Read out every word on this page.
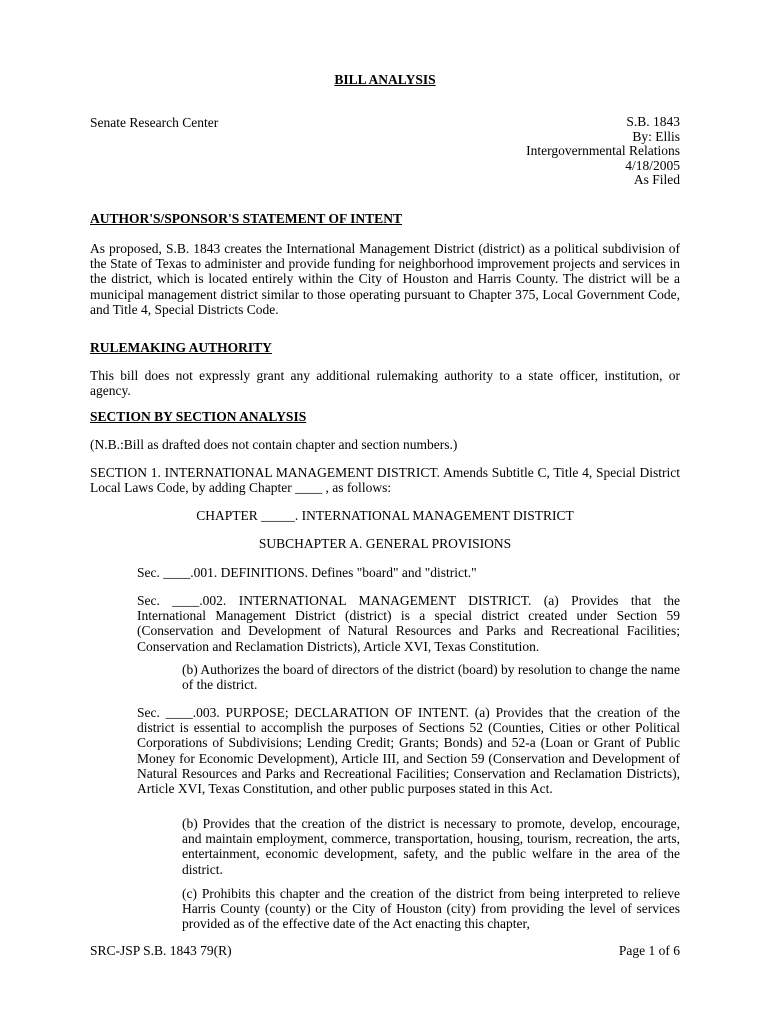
BILL ANALYSIS
Senate Research Center	S.B. 1843
By: Ellis
Intergovernmental Relations
4/18/2005
As Filed
AUTHOR'S/SPONSOR'S STATEMENT OF INTENT
As proposed, S.B. 1843 creates the International Management District (district) as a political subdivision of the State of Texas to administer and provide funding for neighborhood improvement projects and services in the district, which is located entirely within the City of Houston and Harris County. The district will be a municipal management district similar to those operating pursuant to Chapter 375, Local Government Code, and Title 4, Special Districts Code.
RULEMAKING AUTHORITY
This bill does not expressly grant any additional rulemaking authority to a state officer, institution, or agency.
SECTION BY SECTION ANALYSIS
(N.B.:Bill as drafted does not contain chapter and section numbers.)
SECTION 1. INTERNATIONAL MANAGEMENT DISTRICT. Amends Subtitle C, Title 4, Special District Local Laws Code, by adding Chapter ____ , as follows:
CHAPTER _____. INTERNATIONAL MANAGEMENT DISTRICT
SUBCHAPTER A. GENERAL PROVISIONS
Sec. ____.001. DEFINITIONS. Defines "board" and "district."
Sec. ____.002. INTERNATIONAL MANAGEMENT DISTRICT. (a) Provides that the International Management District (district) is a special district created under Section 59 (Conservation and Development of Natural Resources and Parks and Recreational Facilities; Conservation and Reclamation Districts), Article XVI, Texas Constitution.
(b) Authorizes the board of directors of the district (board) by resolution to change the name of the district.
Sec. ____.003. PURPOSE; DECLARATION OF INTENT. (a) Provides that the creation of the district is essential to accomplish the purposes of Sections 52 (Counties, Cities or other Political Corporations of Subdivisions; Lending Credit; Grants; Bonds) and 52-a (Loan or Grant of Public Money for Economic Development), Article III, and Section 59 (Conservation and Development of Natural Resources and Parks and Recreational Facilities; Conservation and Reclamation Districts), Article XVI, Texas Constitution, and other public purposes stated in this Act.
(b) Provides that the creation of the district is necessary to promote, develop, encourage, and maintain employment, commerce, transportation, housing, tourism, recreation, the arts, entertainment, economic development, safety, and the public welfare in the area of the district.
(c) Prohibits this chapter and the creation of the district from being interpreted to relieve Harris County (county) or the City of Houston (city) from providing the level of services provided as of the effective date of the Act enacting this chapter,
SRC-JSP S.B. 1843 79(R)	Page 1 of 6
